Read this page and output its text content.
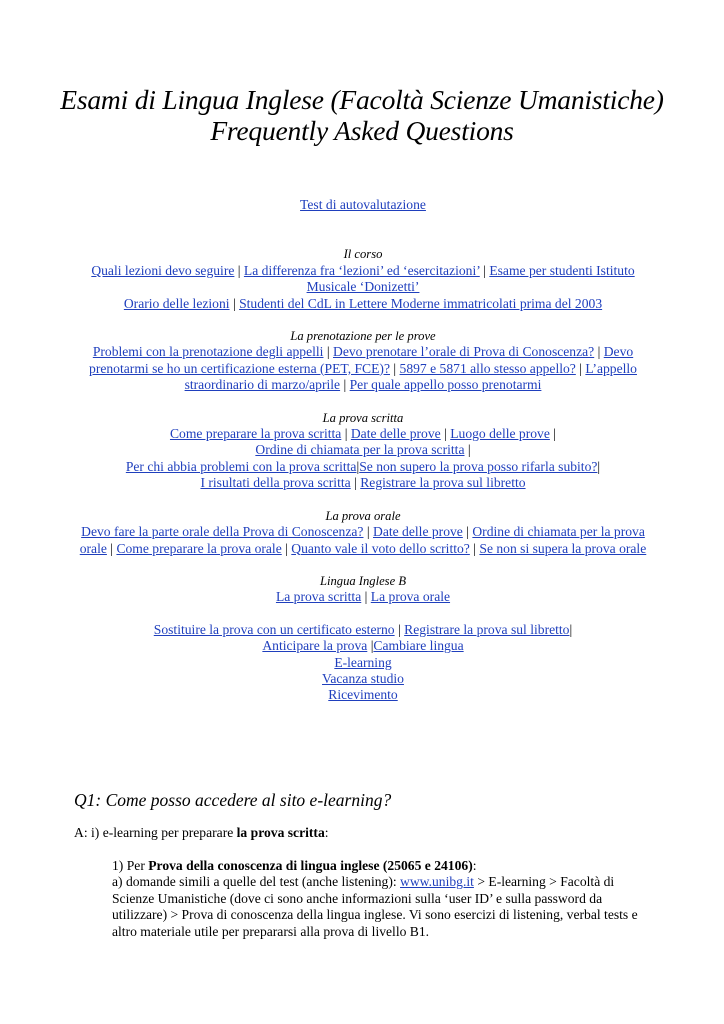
Esami di Lingua Inglese (Facoltà Scienze Umanistiche)
Frequently Asked Questions
Test di autovalutazione
Il corso
Quali lezioni devo seguire | La differenza fra ‘lezioni’ ed ‘esercitazioni’ | Esame per studenti Istituto Musicale ‘Donizetti’
Orario delle lezioni | Studenti del CdL in Lettere Moderne immatricolati prima del 2003
La prenotazione per le prove
Problemi con la prenotazione degli appelli | Devo prenotare l’orale di Prova di Conoscenza? | Devo prenotarmi se ho un certificazione esterna (PET, FCE)? | 5897 e 5871 allo stesso appello? | L’appello straordinario di marzo/aprile | Per quale appello posso prenotarmi
La prova scritta
Come preparare la prova scritta | Date delle prove | Luogo delle prove |
Ordine di chiamata per la prova scritta |
Per chi abbia problemi con la prova scritta|Se non supero la prova posso rifarla subito?|
I risultati della prova scritta | Registrare la prova sul libretto
La prova orale
Devo fare la parte orale della Prova di Conoscenza? | Date delle prove | Ordine di chiamata per la prova orale | Come preparare la prova orale | Quanto vale il voto dello scritto? | Se non si supera la prova orale
Lingua Inglese B
La prova scritta | La prova orale
Sostituire la prova con un certificato esterno | Registrare la prova sul libretto|
Anticipare la prova |Cambiare lingua
E-learning
Vacanza studio
Ricevimento
Q1: Come posso accedere al sito e-learning?
A: i) e-learning per preparare la prova scritta:

1) Per Prova della conoscenza di lingua inglese (25065 e 24106):

a) domande simili a quelle del test (anche listening): www.unibg.it > E-learning > Facoltà di Scienze Umanistiche (dove ci sono anche informazioni sulla ‘user ID’ e sulla password da utilizzare) > Prova di conoscenza della lingua inglese. Vi sono esercizi di listening, verbal tests e altro materiale utile per prepararsi alla prova di livello B1.
